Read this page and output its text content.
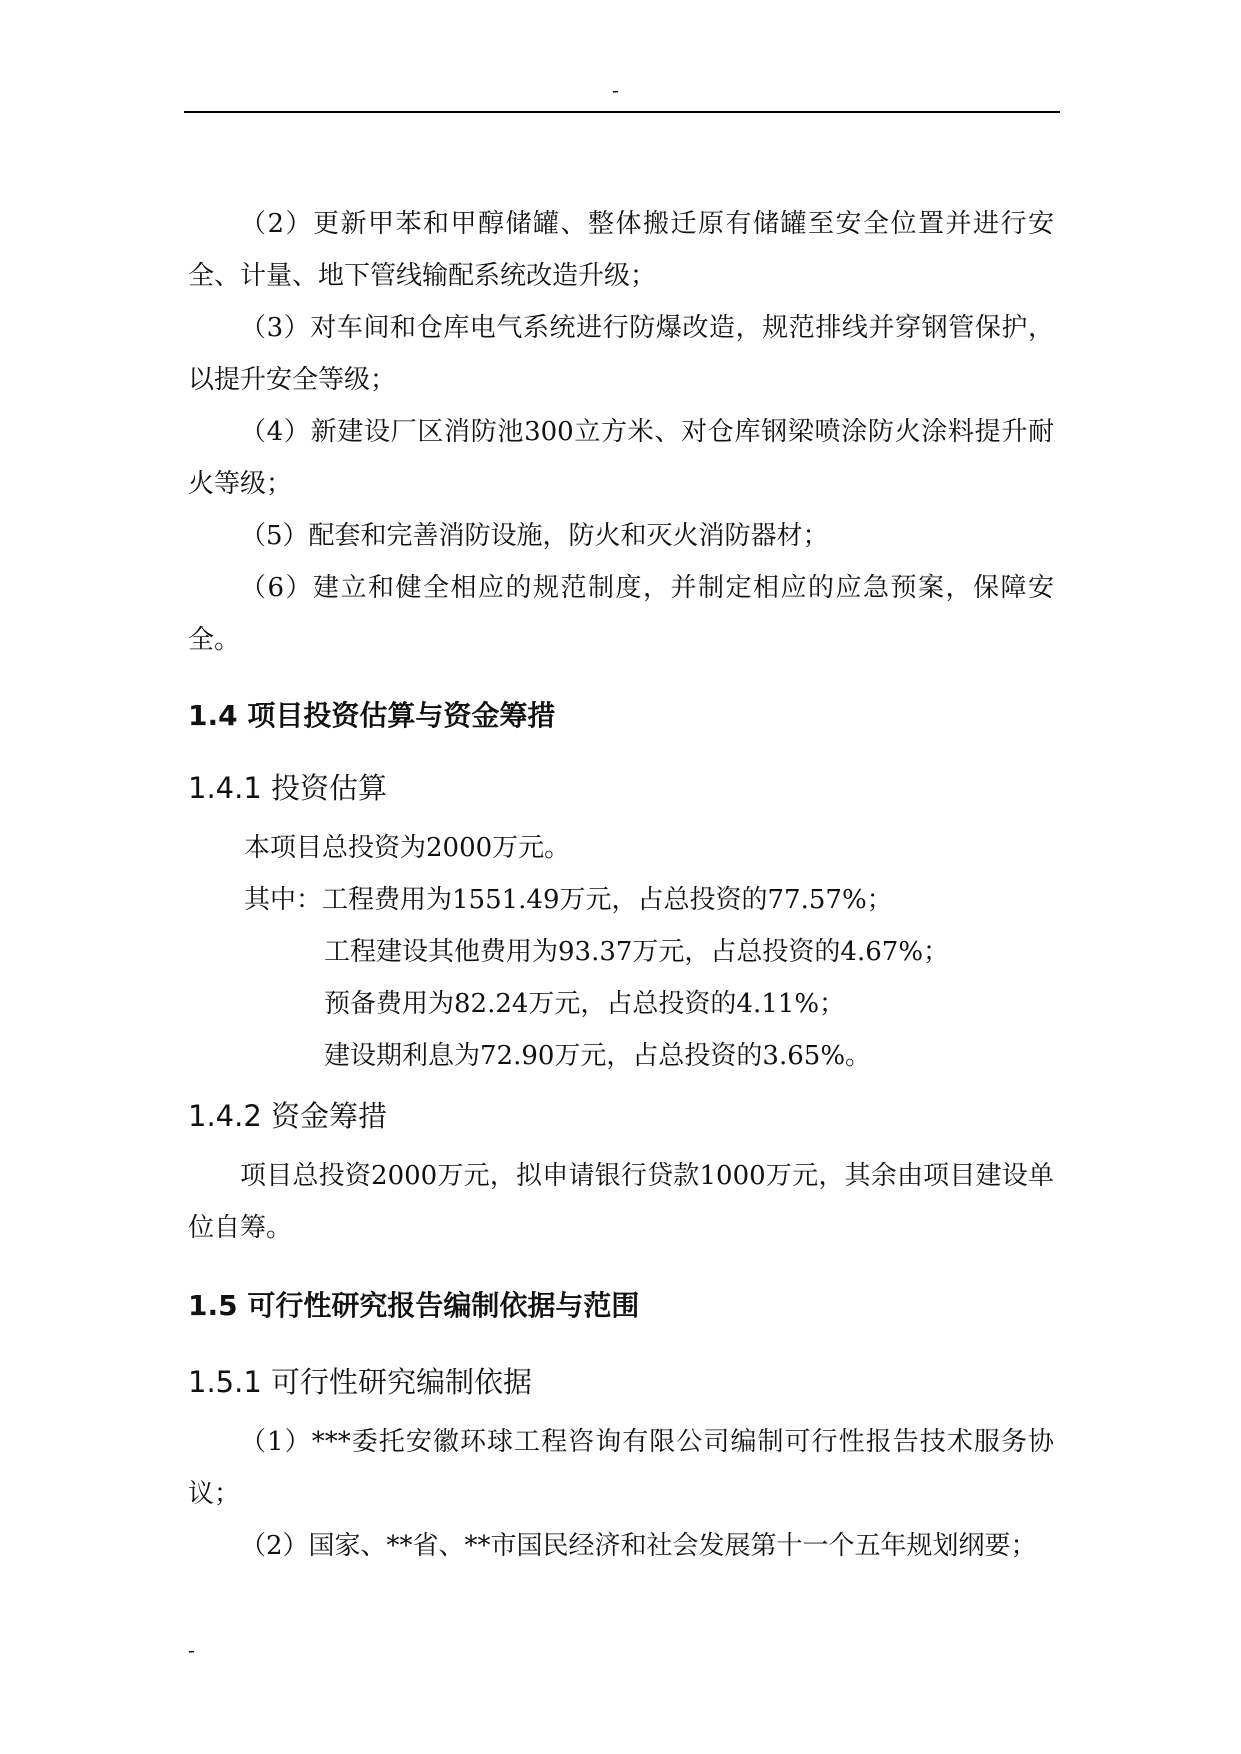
-

（2）更新甲苯和甲醇储罐、整体搬迁原有储罐至安全位置并进行安全、计量、地下管线输配系统改造升级；

（3）对车间和仓库电气系统进行防爆改造，规范排线并穿钢管保护，以提升安全等级；

（4）新建设厂区消防池300立方米、对仓库钢梁喷涂防火涂料提升耐火等级；

（5）配套和完善消防设施，防火和灭火消防器材；

（6）建立和健全相应的规范制度，并制定相应的应急预案，保障安全。

1.4 项目投资估算与资金筹措
1.4.1 投资估算

本项目总投资为2000万元。

其中：工程费用为1551.49万元，占总投资的77.57%；

工程建设其他费用为93.37万元，占总投资的4.67%；

预备费用为82.24万元，占总投资的4.11%；

建设期利息为72.90万元，占总投资的3.65%。

1.4.2 资金筹措

项目总投资2000万元，拟申请银行贷款1000万元，其余由项目建设单位自筹。

1.5 可行性研究报告编制依据与范围
1.5.1 可行性研究编制依据

（1）***委托安徽环球工程咨询有限公司编制可行性报告技术服务协议；

（2）国家、**省、**市国民经济和社会发展第十一个五年规划纲要；

-
